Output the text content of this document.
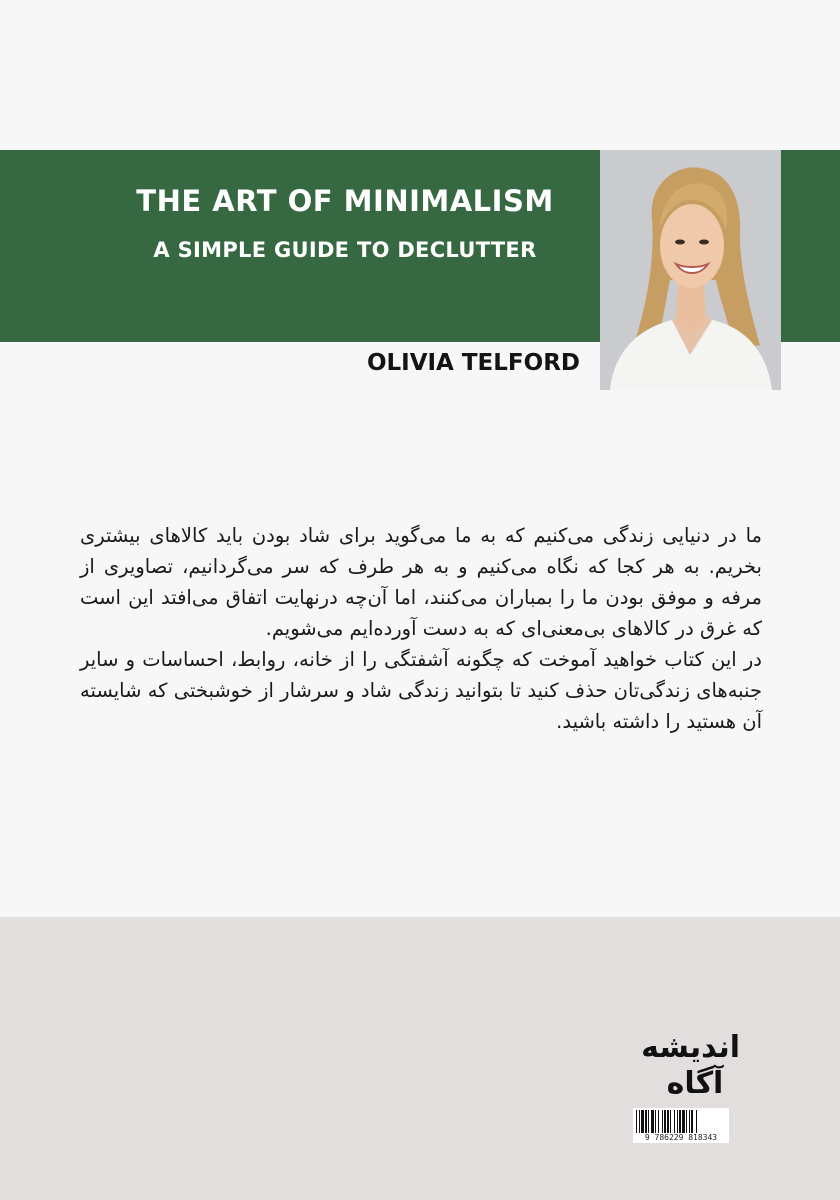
THE ART OF MINIMALISM
A SIMPLE GUIDE TO DECLUTTER

OLIVIA TELFORD

ما در دنیایی زندگی می‌کنیم که به ما می‌گوید برای شاد بودن باید کالاهای بیشتری بخریم. به هر کجا که نگاه می‌کنیم و به هر طرف که سر می‌گردانیم، تصاویری از مرفه و موفق بودن ما را بمباران می‌کنند، اما آن‌چه درنهایت اتفاق می‌افتد این است که غرق در کالاهای بی‌معنی‌ای که به دست آورده‌ایم می‌شویم.

در این کتاب خواهید آموخت که چگونه آشفتگی را از خانه، روابط، احساسات و سایر جنبه‌های زندگی‌تان حذف کنید تا بتوانید زندگی شاد و سرشار از خوشبختی که شایسته آن هستید را داشته باشید.

اندیشه
آگاه
9 786229 818343
